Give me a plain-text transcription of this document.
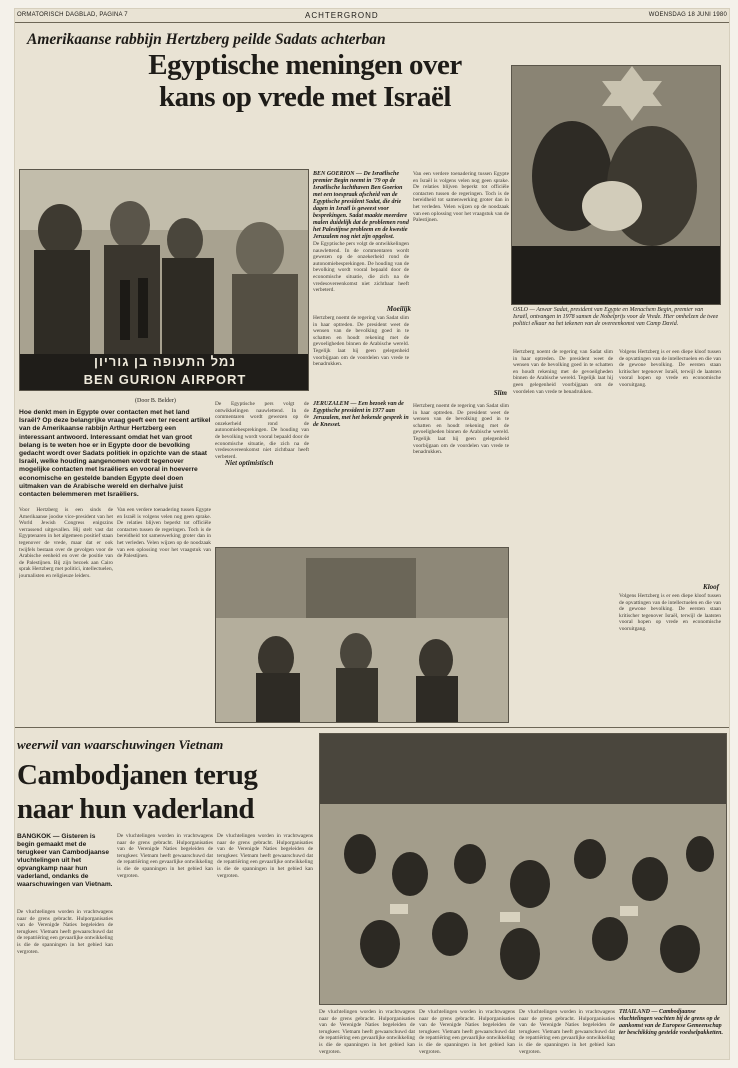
ORMATORISCH DAGBLAD, PAGINA 7	ACHTERGROND	WOENSDAG 18 JUNI 1980
Amerikaanse rabbijn Hertzberg peilde Sadats achterban
Egyptische meningen over
kans op vrede met Israël
נמל התעופה בן גוריון
BEN GURION AIRPORT
OSLO — Anwar Sadat, president van Egypte en Menachem Begin, premier van Israël, ontvangen in 1978 samen de Nobelprijs voor de Vrede. Hier omhelzen de twee politici elkaar na het tekenen van de overeenkomst van Camp David.
BEN GOERION — De Israëlische premier Begin neemt in '79 op de Israëlische luchthaven Ben Goerion met een toespraak afscheid van de Egyptische president Sadat, die drie dagen in Israël is geweest voor besprekingen. Sadat maakte meerdere malen duidelijk dat de problemen rond het Palestijnse probleem en de kwestie Jeruzalem nog niet zijn opgelost.
(Door B. Belder)
Hoe denkt men in Egypte over contacten met het land Israël? Op deze belangrijke vraag geeft een ter recent artikel van de Amerikaanse rabbijn Arthur Hertzberg een interessant antwoord. Interessant omdat het van groot belang is te weten hoe er in Egypte door de bevolking gedacht wordt over Sadats politiek in opzichte van de staat Israël, welke houding aangenomen wordt tegenover mogelijke contacten met Israëliers en vooral in hoeverre economische en gestelde banden Egypte deel doen uitmaken van de Arabische wereld en derhalve juist contacten belemmeren met Israëliers.
Voor Hertzberg is een sinds de Amerikaanse joodse vice-president van het World Jewish Congress enigszins verrassend uitgevallen. Hij stelt vast dat Egyptenaren in het algemeen positief staan tegenover de vrede, maar dat er ook twijfels bestaan over de gevolgen voor de Arabische eenheid en over de positie van de Palestijnen. Bij zijn bezoek aan Cairo sprak Hertzberg met politici, intellectuelen, journalisten en religieuze leiders.
Van een verdere toenadering tussen Egypte en Israël is volgens velen nog geen sprake. De relaties blijven beperkt tot officiële contacten tussen de regeringen. Toch is de bereidheid tot samenwerking groter dan in het verleden. Velen wijzen op de noodzaak van een oplossing voor het vraagstuk van de Palestijnen.
De Egyptische pers volgt de ontwikkelingen nauwlettend. In de commentaren wordt gewezen op de onzekerheid rond de autonomiebesprekingen. De houding van de bevolking wordt vooral bepaald door de economische situatie, die zich na de vredesovereenkomst niet zichtbaar heeft verbeterd.
Moeilijk
Hertzberg noemt de regering van Sadat slim in haar optreden. De president weet de wensen van de bevolking goed in te schatten en houdt rekening met de gevoeligheden binnen de Arabische wereld. Tegelijk laat hij geen gelegenheid voorbijgaan om de voordelen van vrede te benadrukken.
Van een verdere toenadering tussen Egypte en Israël is volgens velen nog geen sprake. De relaties blijven beperkt tot officiële contacten tussen de regeringen. Toch is de bereidheid tot samenwerking groter dan in het verleden. Velen wijzen op de noodzaak van een oplossing voor het vraagstuk van de Palestijnen.
Slim
De Egyptische pers volgt de ontwikkelingen nauwlettend. In de commentaren wordt gewezen op de onzekerheid rond de autonomiebesprekingen. De houding van de bevolking wordt vooral bepaald door de economische situatie, die zich na de vredesovereenkomst niet zichtbaar heeft verbeterd.
JERUZALEM — Een bezoek van de Egyptische president in 1977 aan Jeruzalem, met het bekende gesprek in de Knesset.
Hertzberg noemt de regering van Sadat slim in haar optreden. De president weet de wensen van de bevolking goed in te schatten en houdt rekening met de gevoeligheden binnen de Arabische wereld. Tegelijk laat hij geen gelegenheid voorbijgaan om de voordelen van vrede te benadrukken.
Niet optimistisch
Hertzberg noemt de regering van Sadat slim in haar optreden. De president weet de wensen van de bevolking goed in te schatten en houdt rekening met de gevoeligheden binnen de Arabische wereld. Tegelijk laat hij geen gelegenheid voorbijgaan om de voordelen van vrede te benadrukken.
Volgens Hertzberg is er een diepe kloof tussen de opvattingen van de intellectuelen en die van de gewone bevolking. De eersten staan kritischer tegenover Israël, terwijl de laatsten vooral hopen op vrede en economische vooruitgang.
Kloof
Volgens Hertzberg is er een diepe kloof tussen de opvattingen van de intellectuelen en die van de gewone bevolking. De eersten staan kritischer tegenover Israël, terwijl de laatsten vooral hopen op vrede en economische vooruitgang.
weerwil van waarschuwingen Vietnam
Cambodjanen terug
naar hun vaderland
BANGKOK — Gisteren is begin gemaakt met de terugkeer van Cambodjaanse vluchtelingen uit het opvangkamp naar hun vaderland, ondanks de waarschuwingen van Vietnam.
De vluchtelingen worden in vrachtwagens naar de grens gebracht. Hulporganisaties van de Verenigde Naties begeleiden de terugkeer. Vietnam heeft gewaarschuwd dat de repatriëring een gevaarlijke ontwikkeling is die de spanningen in het gebied kan vergroten.
De vluchtelingen worden in vrachtwagens naar de grens gebracht. Hulporganisaties van de Verenigde Naties begeleiden de terugkeer. Vietnam heeft gewaarschuwd dat de repatriëring een gevaarlijke ontwikkeling is die de spanningen in het gebied kan vergroten.
De vluchtelingen worden in vrachtwagens naar de grens gebracht. Hulporganisaties van de Verenigde Naties begeleiden de terugkeer. Vietnam heeft gewaarschuwd dat de repatriëring een gevaarlijke ontwikkeling is die de spanningen in het gebied kan vergroten.
De vluchtelingen worden in vrachtwagens naar de grens gebracht. Hulporganisaties van de Verenigde Naties begeleiden de terugkeer. Vietnam heeft gewaarschuwd dat de repatriëring een gevaarlijke ontwikkeling is die de spanningen in het gebied kan vergroten.
De vluchtelingen worden in vrachtwagens naar de grens gebracht. Hulporganisaties van de Verenigde Naties begeleiden de terugkeer. Vietnam heeft gewaarschuwd dat de repatriëring een gevaarlijke ontwikkeling is die de spanningen in het gebied kan vergroten.
De vluchtelingen worden in vrachtwagens naar de grens gebracht. Hulporganisaties van de Verenigde Naties begeleiden de terugkeer. Vietnam heeft gewaarschuwd dat de repatriëring een gevaarlijke ontwikkeling is die de spanningen in het gebied kan vergroten.
THAILAND — Cambodjaanse vluchtelingen wachten bij de grens op de aankomst van de Europese Gemeenschap ter beschikking gestelde voedselpakketten.
